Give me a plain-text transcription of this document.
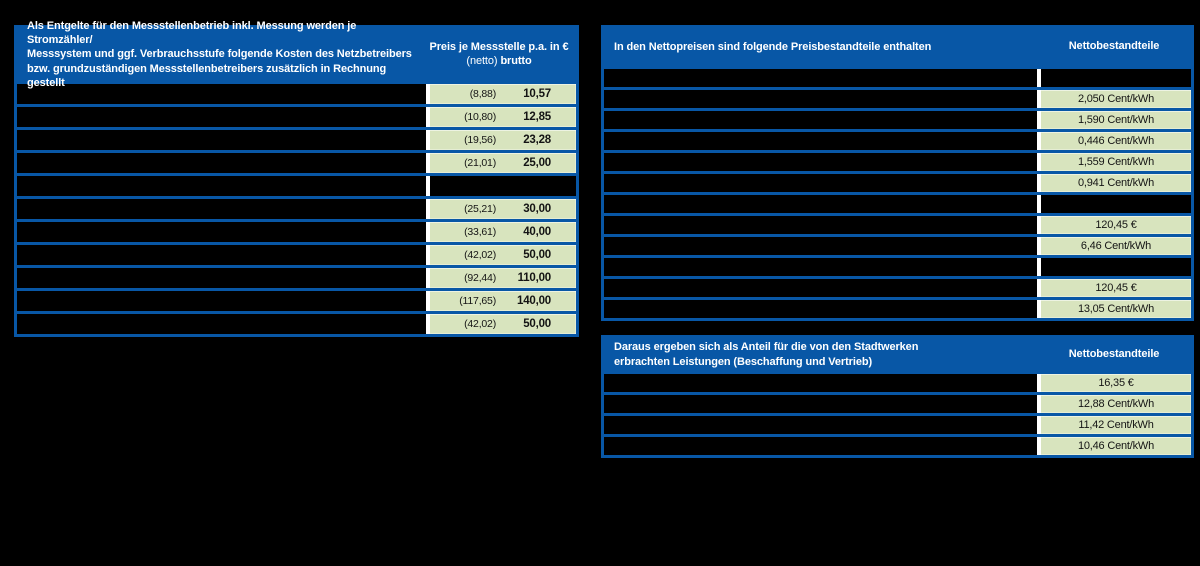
Als Entgelte für den Messstellenbetrieb inkl. Messung werden je Stromzähler/
Messsystem und ggf. Verbrauchsstufe folgende Kosten des Netzbetreibers
bzw. grundzuständigen Messstellenbetreibers zusätzlich in Rechnung gestellt
Preis je Messstelle p.a. in €
(netto) brutto
(8,88)	10,57
(10,80)	12,85
(19,56)	23,28
(21,01)	25,00
(25,21)	30,00
(33,61)	40,00
(42,02)	50,00
(92,44)	110,00
(117,65)	140,00
(42,02)	50,00
In den Nettopreisen sind folgende Preisbestandteile enthalten	Nettobestandteile
2,050 Cent/kWh
1,590 Cent/kWh
0,446 Cent/kWh
1,559 Cent/kWh
0,941 Cent/kWh
120,45 €
6,46 Cent/kWh
120,45 €
13,05 Cent/kWh
Daraus ergeben sich als Anteil für die von den Stadtwerken
erbrachten Leistungen (Beschaffung und Vertrieb)
Nettobestandteile
16,35 €
12,88 Cent/kWh
11,42 Cent/kWh
10,46 Cent/kWh
